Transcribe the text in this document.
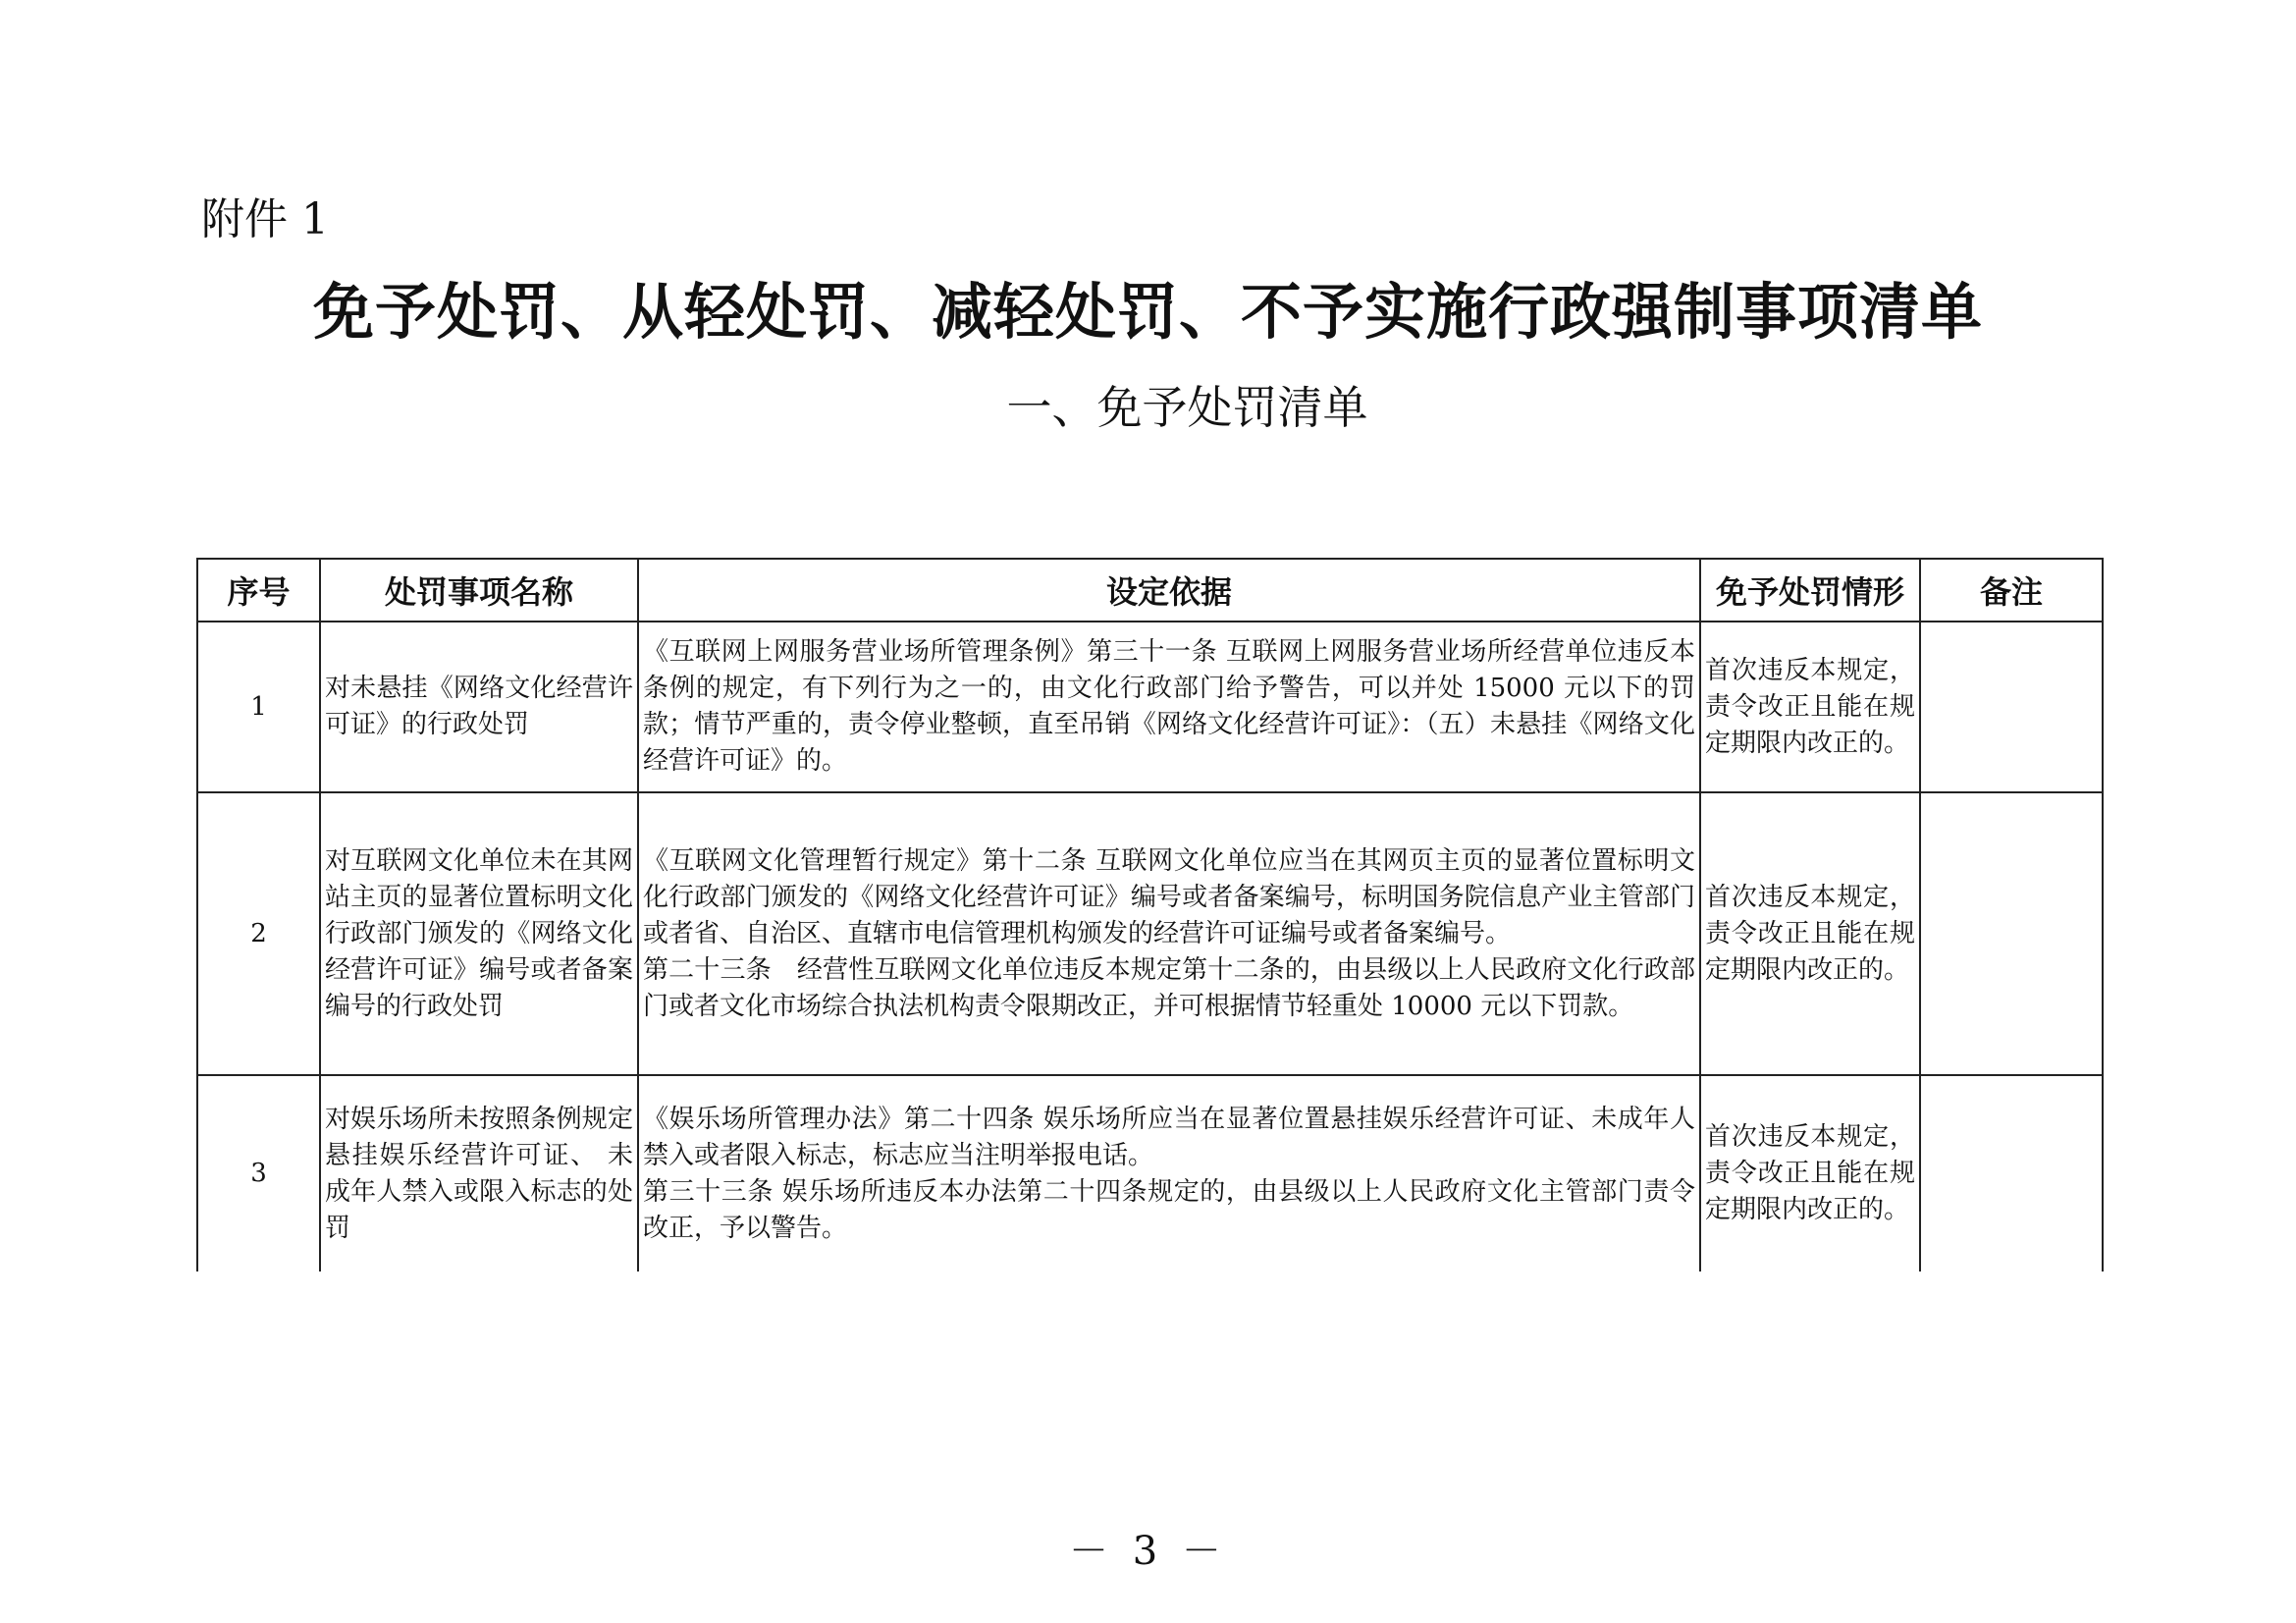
附件 1
免予处罚、从轻处罚、减轻处罚、不予实施行政强制事项清单
一、免予处罚清单
序号	处罚事项名称	设定依据	免予处罚情形	备注
1	对未悬挂《网络文化经营许可证》的行政处罚	《互联网上网服务营业场所管理条例》第三十一条 互联网上网服务营业场所经营单位违反本条例的规定，有下列行为之一的，由文化行政部门给予警告，可以并处 15000 元以下的罚款；情节严重的，责令停业整顿，直至吊销《网络文化经营许可证》：（五）未悬挂《网络文化经营许可证》的。	首次违反本规定，责令改正且能在规定期限内改正的。	
2	对互联网文化单位未在其网站主页的显著位置标明文化行政部门颁发的《网络文化经营许可证》编号或者备案编号的行政处罚	《互联网文化管理暂行规定》第十二条 互联网文化单位应当在其网页主页的显著位置标明文化行政部门颁发的《网络文化经营许可证》编号或者备案编号，标明国务院信息产业主管部门或者省、自治区、直辖市电信管理机构颁发的经营许可证编号或者备案编号。
第二十三条　经营性互联网文化单位违反本规定第十二条的，由县级以上人民政府文化行政部门或者文化市场综合执法机构责令限期改正，并可根据情节轻重处 10000 元以下罚款。	首次违反本规定，责令改正且能在规定期限内改正的。	
3	对娱乐场所未按照条例规定悬挂娱乐经营许可证、 未成年人禁入或限入标志的处罚	《娱乐场所管理办法》第二十四条 娱乐场所应当在显著位置悬挂娱乐经营许可证、未成年人禁入或者限入标志，标志应当注明举报电话。
第三十三条 娱乐场所违反本办法第二十四条规定的，由县级以上人民政府文化主管部门责令改正，予以警告。	首次违反本规定，责令改正且能在规定期限内改正的。	
－ 3 －
